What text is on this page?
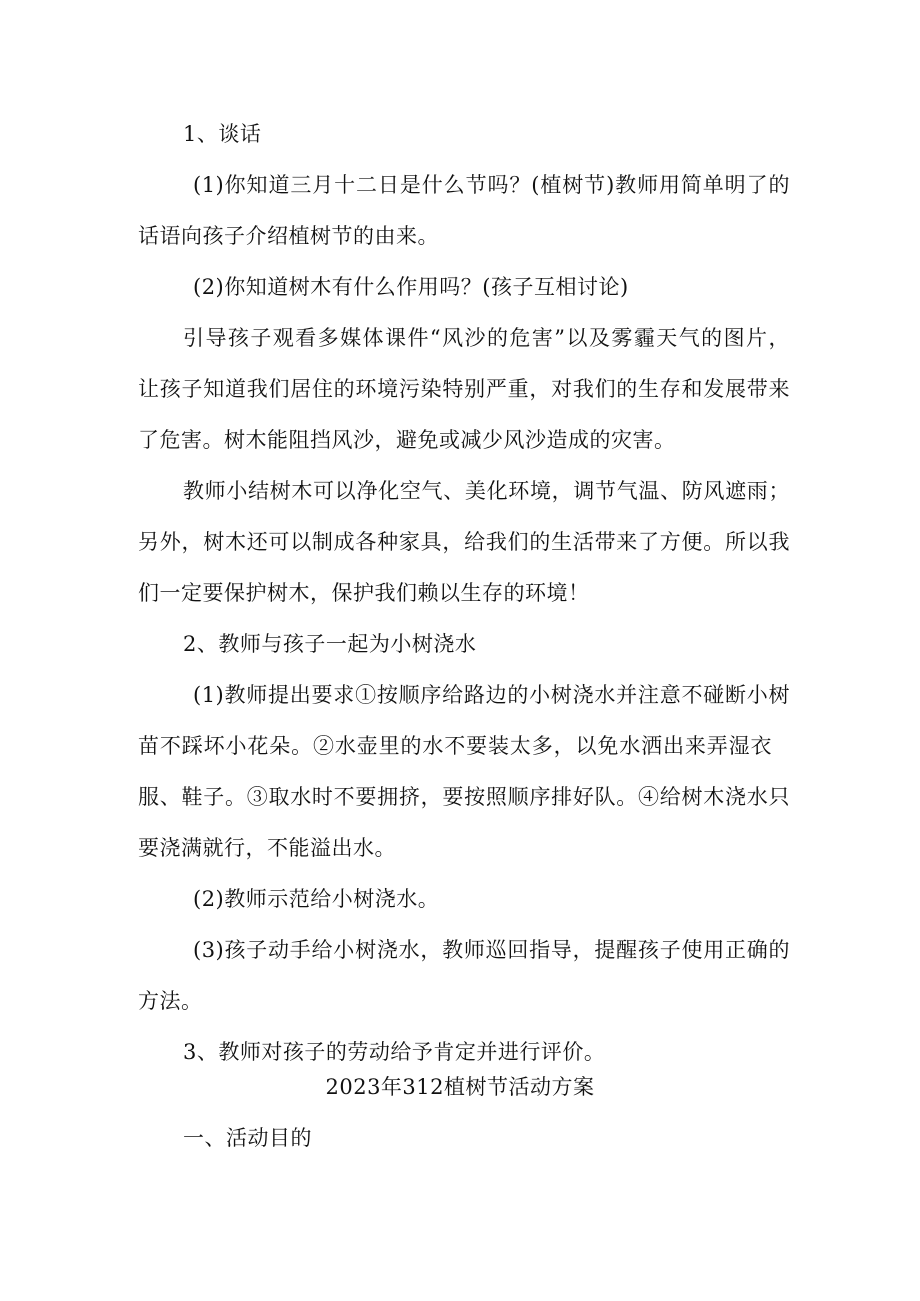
1、谈话
(1)你知道三月十二日是什么节吗？(植树节)教师用简单明了的
话语向孩子介绍植树节的由来。
(2)你知道树木有什么作用吗？(孩子互相讨论)
引导孩子观看多媒体课件“风沙的危害”以及雾霾天气的图片，
让孩子知道我们居住的环境污染特别严重，对我们的生存和发展带来
了危害。树木能阻挡风沙，避免或减少风沙造成的灾害。
教师小结树木可以净化空气、美化环境，调节气温、防风遮雨；
另外，树木还可以制成各种家具，给我们的生活带来了方便。所以我
们一定要保护树木，保护我们赖以生存的环境！
2、教师与孩子一起为小树浇水
(1)教师提出要求①按顺序给路边的小树浇水并注意不碰断小树
苗不踩坏小花朵。②水壶里的水不要装太多，以免水洒出来弄湿衣
服、鞋子。③取水时不要拥挤，要按照顺序排好队。④给树木浇水只
要浇满就行，不能溢出水。
(2)教师示范给小树浇水。
(3)孩子动手给小树浇水，教师巡回指导，提醒孩子使用正确的
方法。
3、教师对孩子的劳动给予肯定并进行评价。
2023年312植树节活动方案
一、活动目的
